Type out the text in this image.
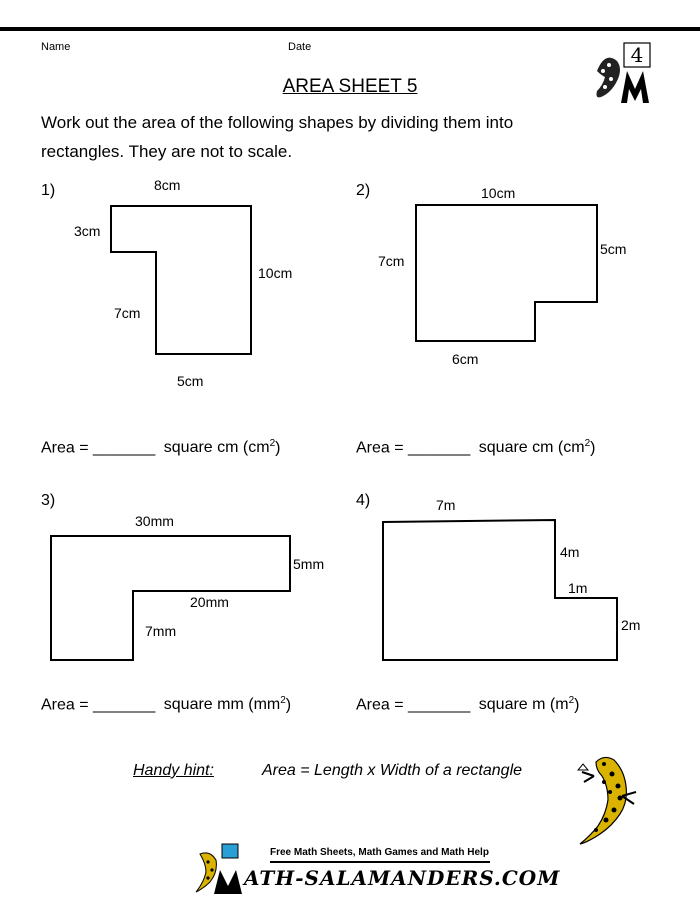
Name	Date	4
AREA SHEET 5
Work out the area of the following shapes by dividing them into rectangles. They are not to scale.
1)	8cm
3cm
10cm
7cm
5cm
2)	10cm
7cm
5cm
6cm
Area = _______ square cm $(cm^2)$	Area = _______ square cm $(cm^2)$
3)
30mm
5mm
20mm
7mm
4)	7m
4m
1m
2m
Area = _______ square mm $(mm^2)$	Area = _______ square m $(m^2)$
Handy hint:	Area = Length x Width of a rectangle
Free Math Sheets, Math Games and Math Help
ATH-SALAMANDERS.COM
